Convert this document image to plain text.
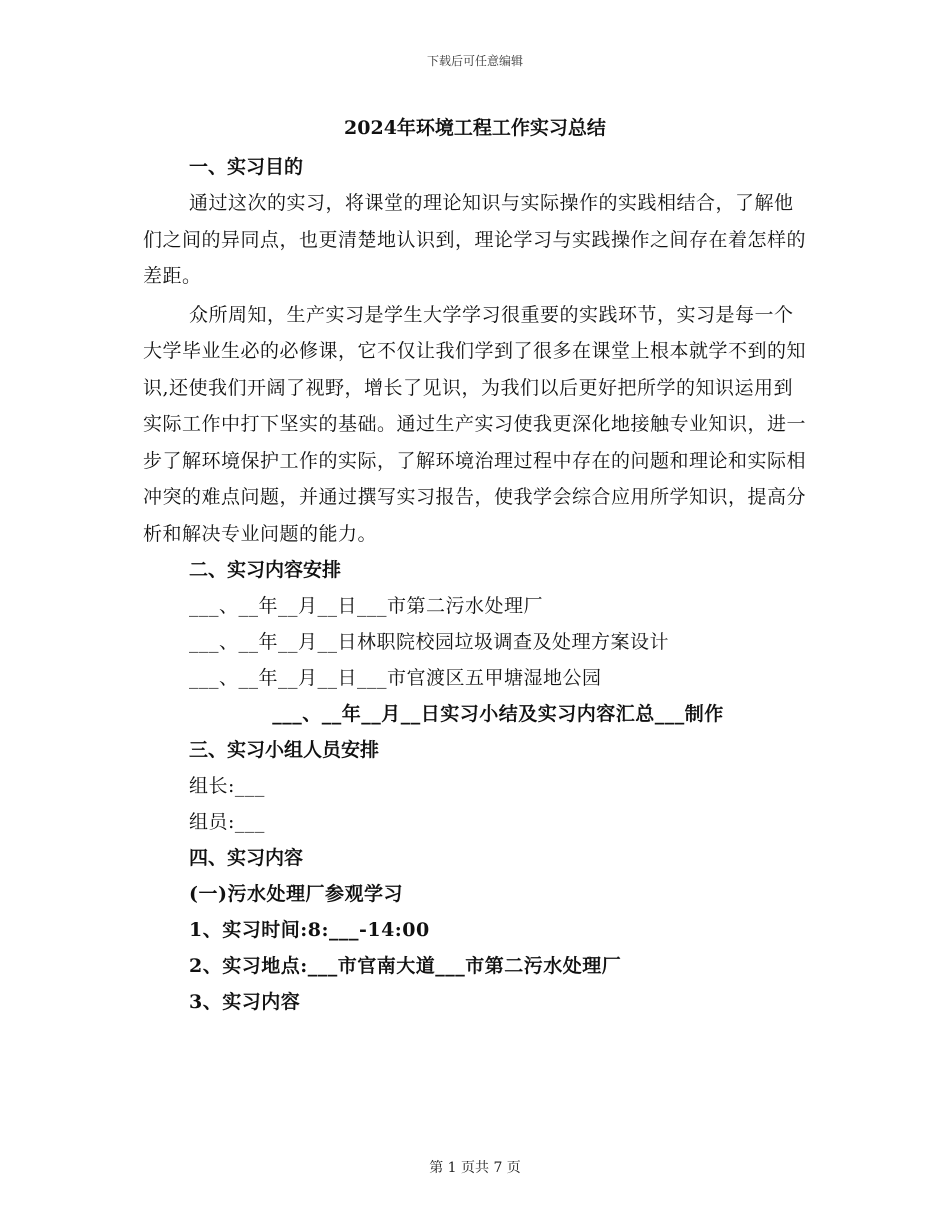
下载后可任意编辑
2024年环境工程工作实习总结
一、实习目的

通过这次的实习，将课堂的理论知识与实际操作的实践相结合，了解他们之间的异同点，也更清楚地认识到，理论学习与实践操作之间存在着怎样的差距。

众所周知，生产实习是学生大学学习很重要的实践环节，实习是每一个大学毕业生必的必修课，它不仅让我们学到了很多在课堂上根本就学不到的知识,还使我们开阔了视野，增长了见识，为我们以后更好把所学的知识运用到实际工作中打下坚实的基础。通过生产实习使我更深化地接触专业知识，进一步了解环境保护工作的实际，了解环境治理过程中存在的问题和理论和实际相冲突的难点问题，并通过撰写实习报告，使我学会综合应用所学知识，提高分析和解决专业问题的能力。

二、实习内容安排
___、__年__月__日___市第二污水处理厂
___、__年__月__日林职院校园垃圾调查及处理方案设计
___、__年__月__日___市官渡区五甲塘湿地公园
___、__年__月__日实习小结及实习内容汇总___制作
三、实习小组人员安排
组长:___
组员:___
四、实习内容
(一)污水处理厂参观学习
1、实习时间:8:___-14:00
2、实习地点:___市官南大道___市第二污水处理厂
3、实习内容
第 1 页共 7 页
